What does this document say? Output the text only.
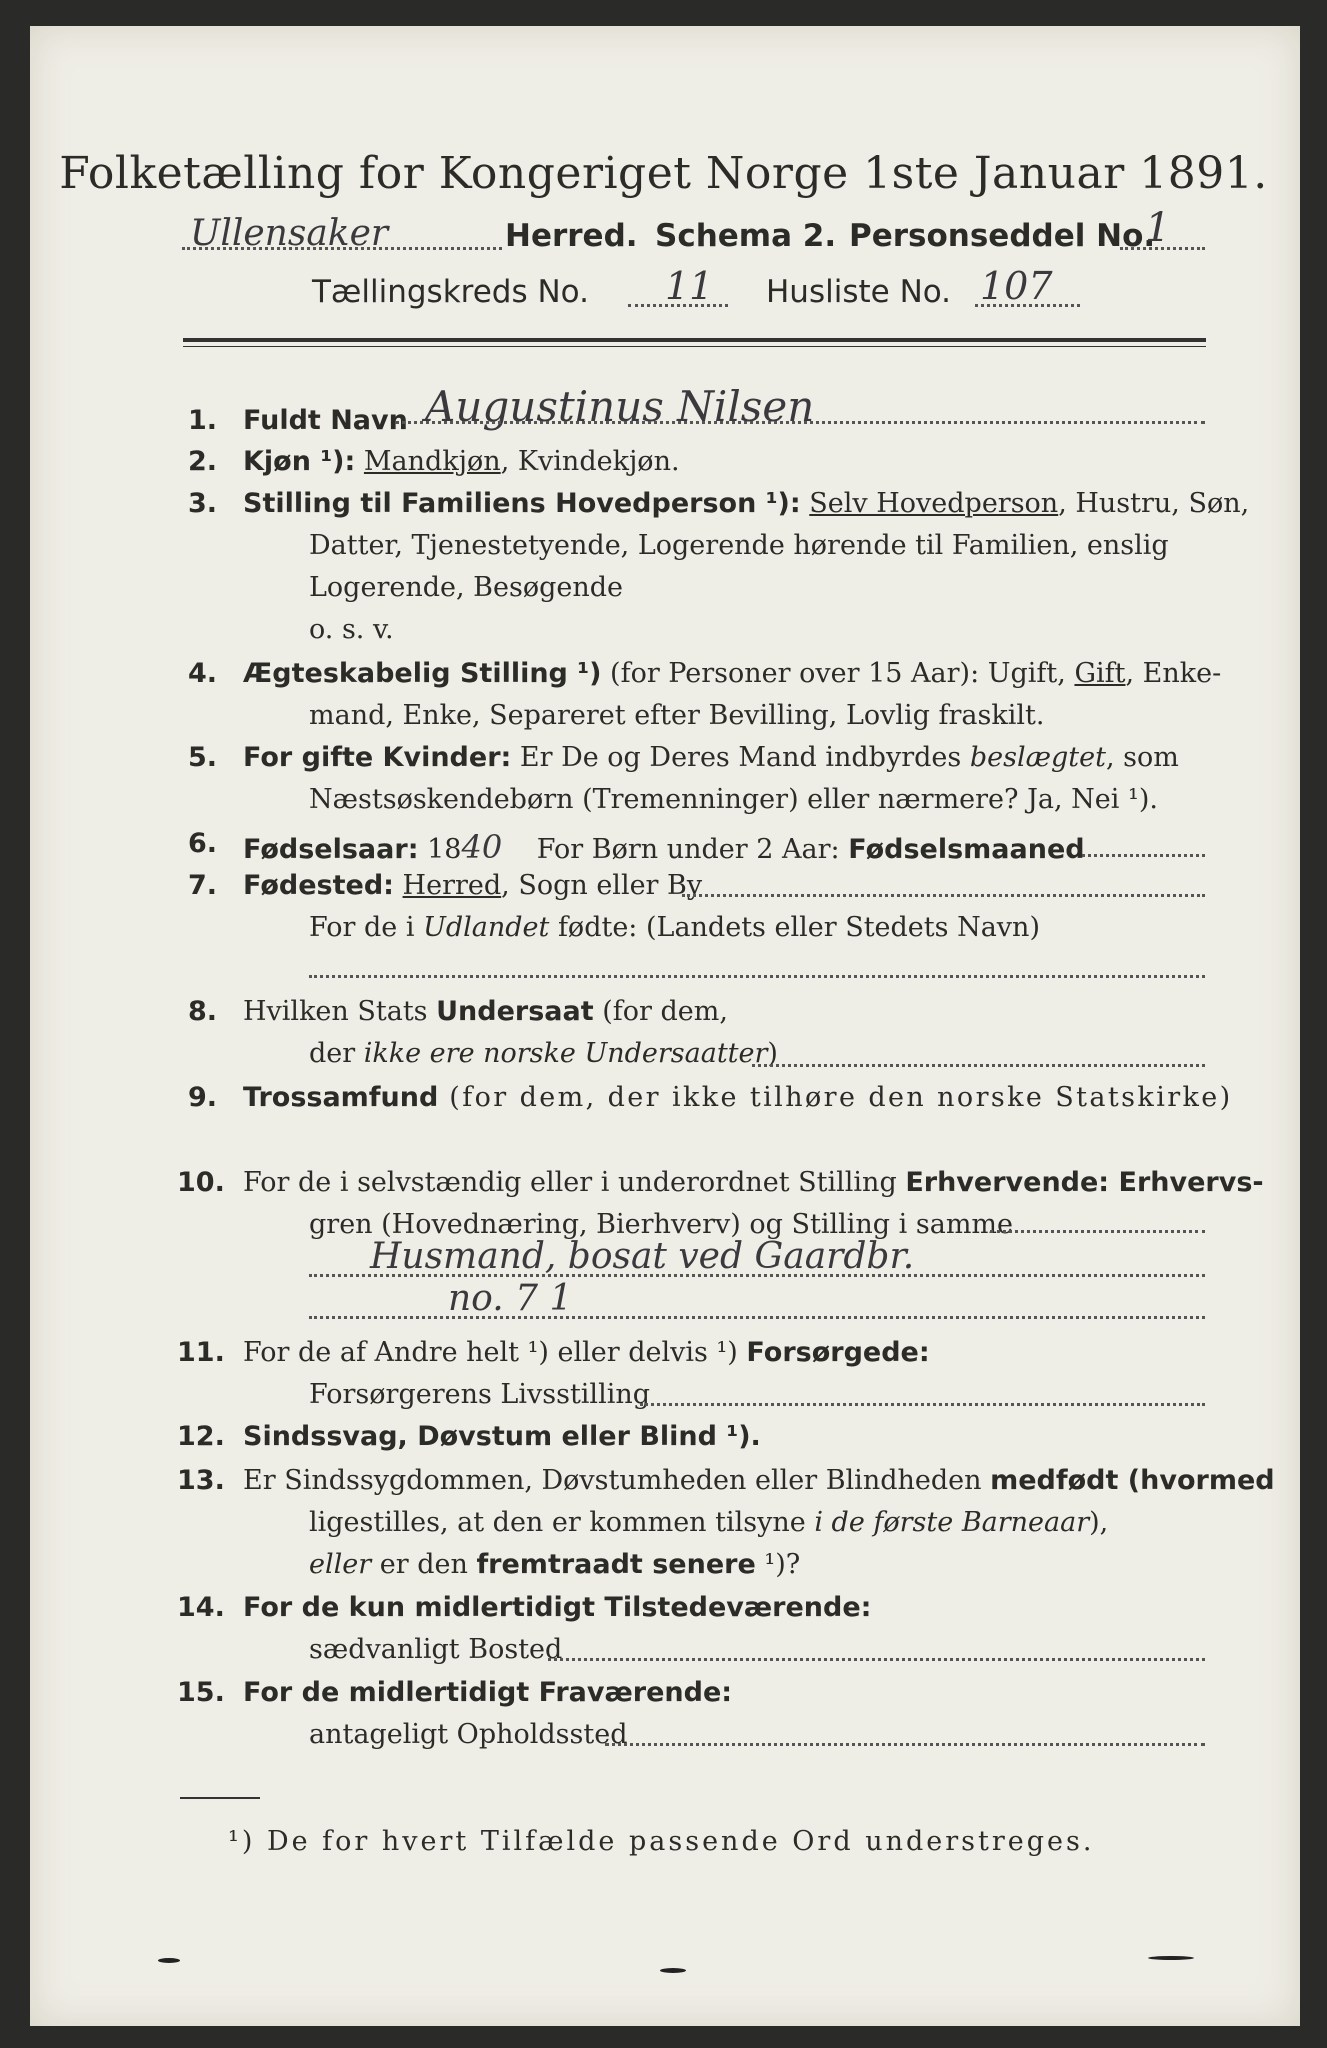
Folketælling for Kongeriget Norge 1ste Januar 1891.
Ullensaker	Herred. Schema 2. Personseddel No.
1
Tællingskreds No. 11 Husliste No. 107
1. Fuldt Navn Augustinus Nilsen
2. Kjøn ¹): Mandkjøn, Kvindekjøn.
3. Stilling til Familiens Hovedperson ¹): Selv Hovedperson, Hustru, Søn,
Datter, Tjenestetyende, Logerende hørende til Familien, enslig
Logerende, Besøgende
o. s. v.
4. Ægteskabelig Stilling ¹) (for Personer over 15 Aar): Ugift, Gift, Enke-
mand, Enke, Separeret efter Bevilling, Lovlig fraskilt.
5. For gifte Kvinder: Er De og Deres Mand indbyrdes beslægtet, som
Næstsøskendebørn (Tremenninger) eller nærmere? Ja, Nei ¹).
6. Fødselsaar: 1840 For Børn under 2 Aar: Fødselsmaaned
7. Fødested: Herred, Sogn eller By
For de i Udlandet fødte: (Landets eller Stedets Navn)
8. Hvilken Stats Undersaat (for dem,
der ikke ere norske Undersaatter)
9. Trossamfund (for dem, der ikke tilhøre den norske Statskirke)
10. For de i selvstændig eller i underordnet Stilling Erhvervende: Erhvervs-
gren (Hovednæring, Bierhverv) og Stilling i samme
Husmand, bosat ved Gaardbr.
no. 7 1
11. For de af Andre helt ¹) eller delvis ¹) Forsørgede:
Forsørgerens Livsstilling
12. Sindssvag, Døvstum eller Blind ¹).
13. Er Sindssygdommen, Døvstumheden eller Blindheden medfødt (hvormed
ligestilles, at den er kommen tilsyne i de første Barneaar),
eller er den fremtraadt senere ¹)?
14. For de kun midlertidigt Tilstedeværende:
sædvanligt Bosted
15. For de midlertidigt Fraværende:
antageligt Opholdssted
¹) De for hvert Tilfælde passende Ord understreges.
